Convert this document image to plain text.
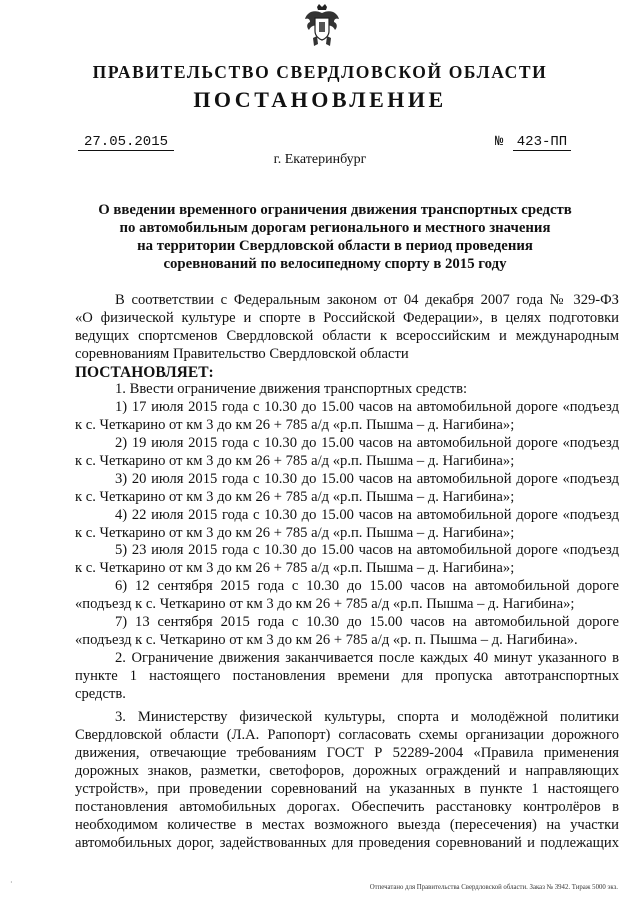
ПРАВИТЕЛЬСТВО СВЕРДЛОВСКОЙ ОБЛАСТИ
ПОСТАНОВЛЕНИЕ
27.05.2015	№ 423-ПП
г. Екатеринбург
О введении временного ограничения движения транспортных средств
по автомобильным дорогам регионального и местного значения
на территории Свердловской области в период проведения
соревнований по велосипедному спорту в 2015 году
В соответствии с Федеральным законом от 04 декабря 2007 года № 329-ФЗ
«О физической культуре и спорте в Российской Федерации», в целях подготовки
ведущих спортсменов Свердловской области к всероссийским и международным
соревнованиям Правительство Свердловской области
ПОСТАНОВЛЯЕТ:
1. Ввести ограничение движения транспортных средств:
1) 17 июля 2015 года с 10.30 до 15.00 часов на автомобильной дороге «подъезд
к с. Четкарино от км 3 до км 26 + 785 а/д «р.п. Пышма – д. Нагибина»;
2) 19 июля 2015 года с 10.30 до 15.00 часов на автомобильной дороге «подъезд
к с. Четкарино от км 3 до км 26 + 785 а/д «р.п. Пышма – д. Нагибина»;
3) 20 июля 2015 года с 10.30 до 15.00 часов на автомобильной дороге «подъезд
к с. Четкарино от км 3 до км 26 + 785 а/д «р.п. Пышма – д. Нагибина»;
4) 22 июля 2015 года с 10.30 до 15.00 часов на автомобильной дороге «подъезд
к с. Четкарино от км 3 до км 26 + 785 а/д «р.п. Пышма – д. Нагибина»;
5) 23 июля 2015 года с 10.30 до 15.00 часов на автомобильной дороге «подъезд
к с. Четкарино от км 3 до км 26 + 785 а/д «р.п. Пышма – д. Нагибина»;
6) 12 сентября 2015 года с 10.30 до 15.00 часов на автомобильной дороге
«подъезд к с. Четкарино от км 3 до км 26 + 785 а/д «р.п. Пышма – д. Нагибина»;
7) 13 сентября 2015 года с 10.30 до 15.00 часов на автомобильной дороге
«подъезд к с. Четкарино от км 3 до км 26 + 785 а/д «р. п. Пышма – д. Нагибина».
2. Ограничение движения заканчивается после каждых 40 минут указанного в
пункте 1 настоящего постановления времени для пропуска автотранспортных
средств.
3. Министерству физической культуры, спорта и молодёжной политики
Свердловской области (Л.А. Рапопорт) согласовать схемы организации дорожного
движения, отвечающие требованиям ГОСТ Р 52289-2004 «Правила применения
дорожных знаков, разметки, светофоров, дорожных ограждений и направляющих
устройств», при проведении соревнований на указанных в пункте 1 настоящего
постановления автомобильных дорогах. Обеспечить расстановку контролёров в
необходимом количестве в местах возможного выезда (пересечения) на участки
автомобильных дорог, задействованных для проведения соревнований и подлежащих
·
Отпечатано для Правительства Свердловской области. Заказ № 3942. Тираж 5000 экз.
